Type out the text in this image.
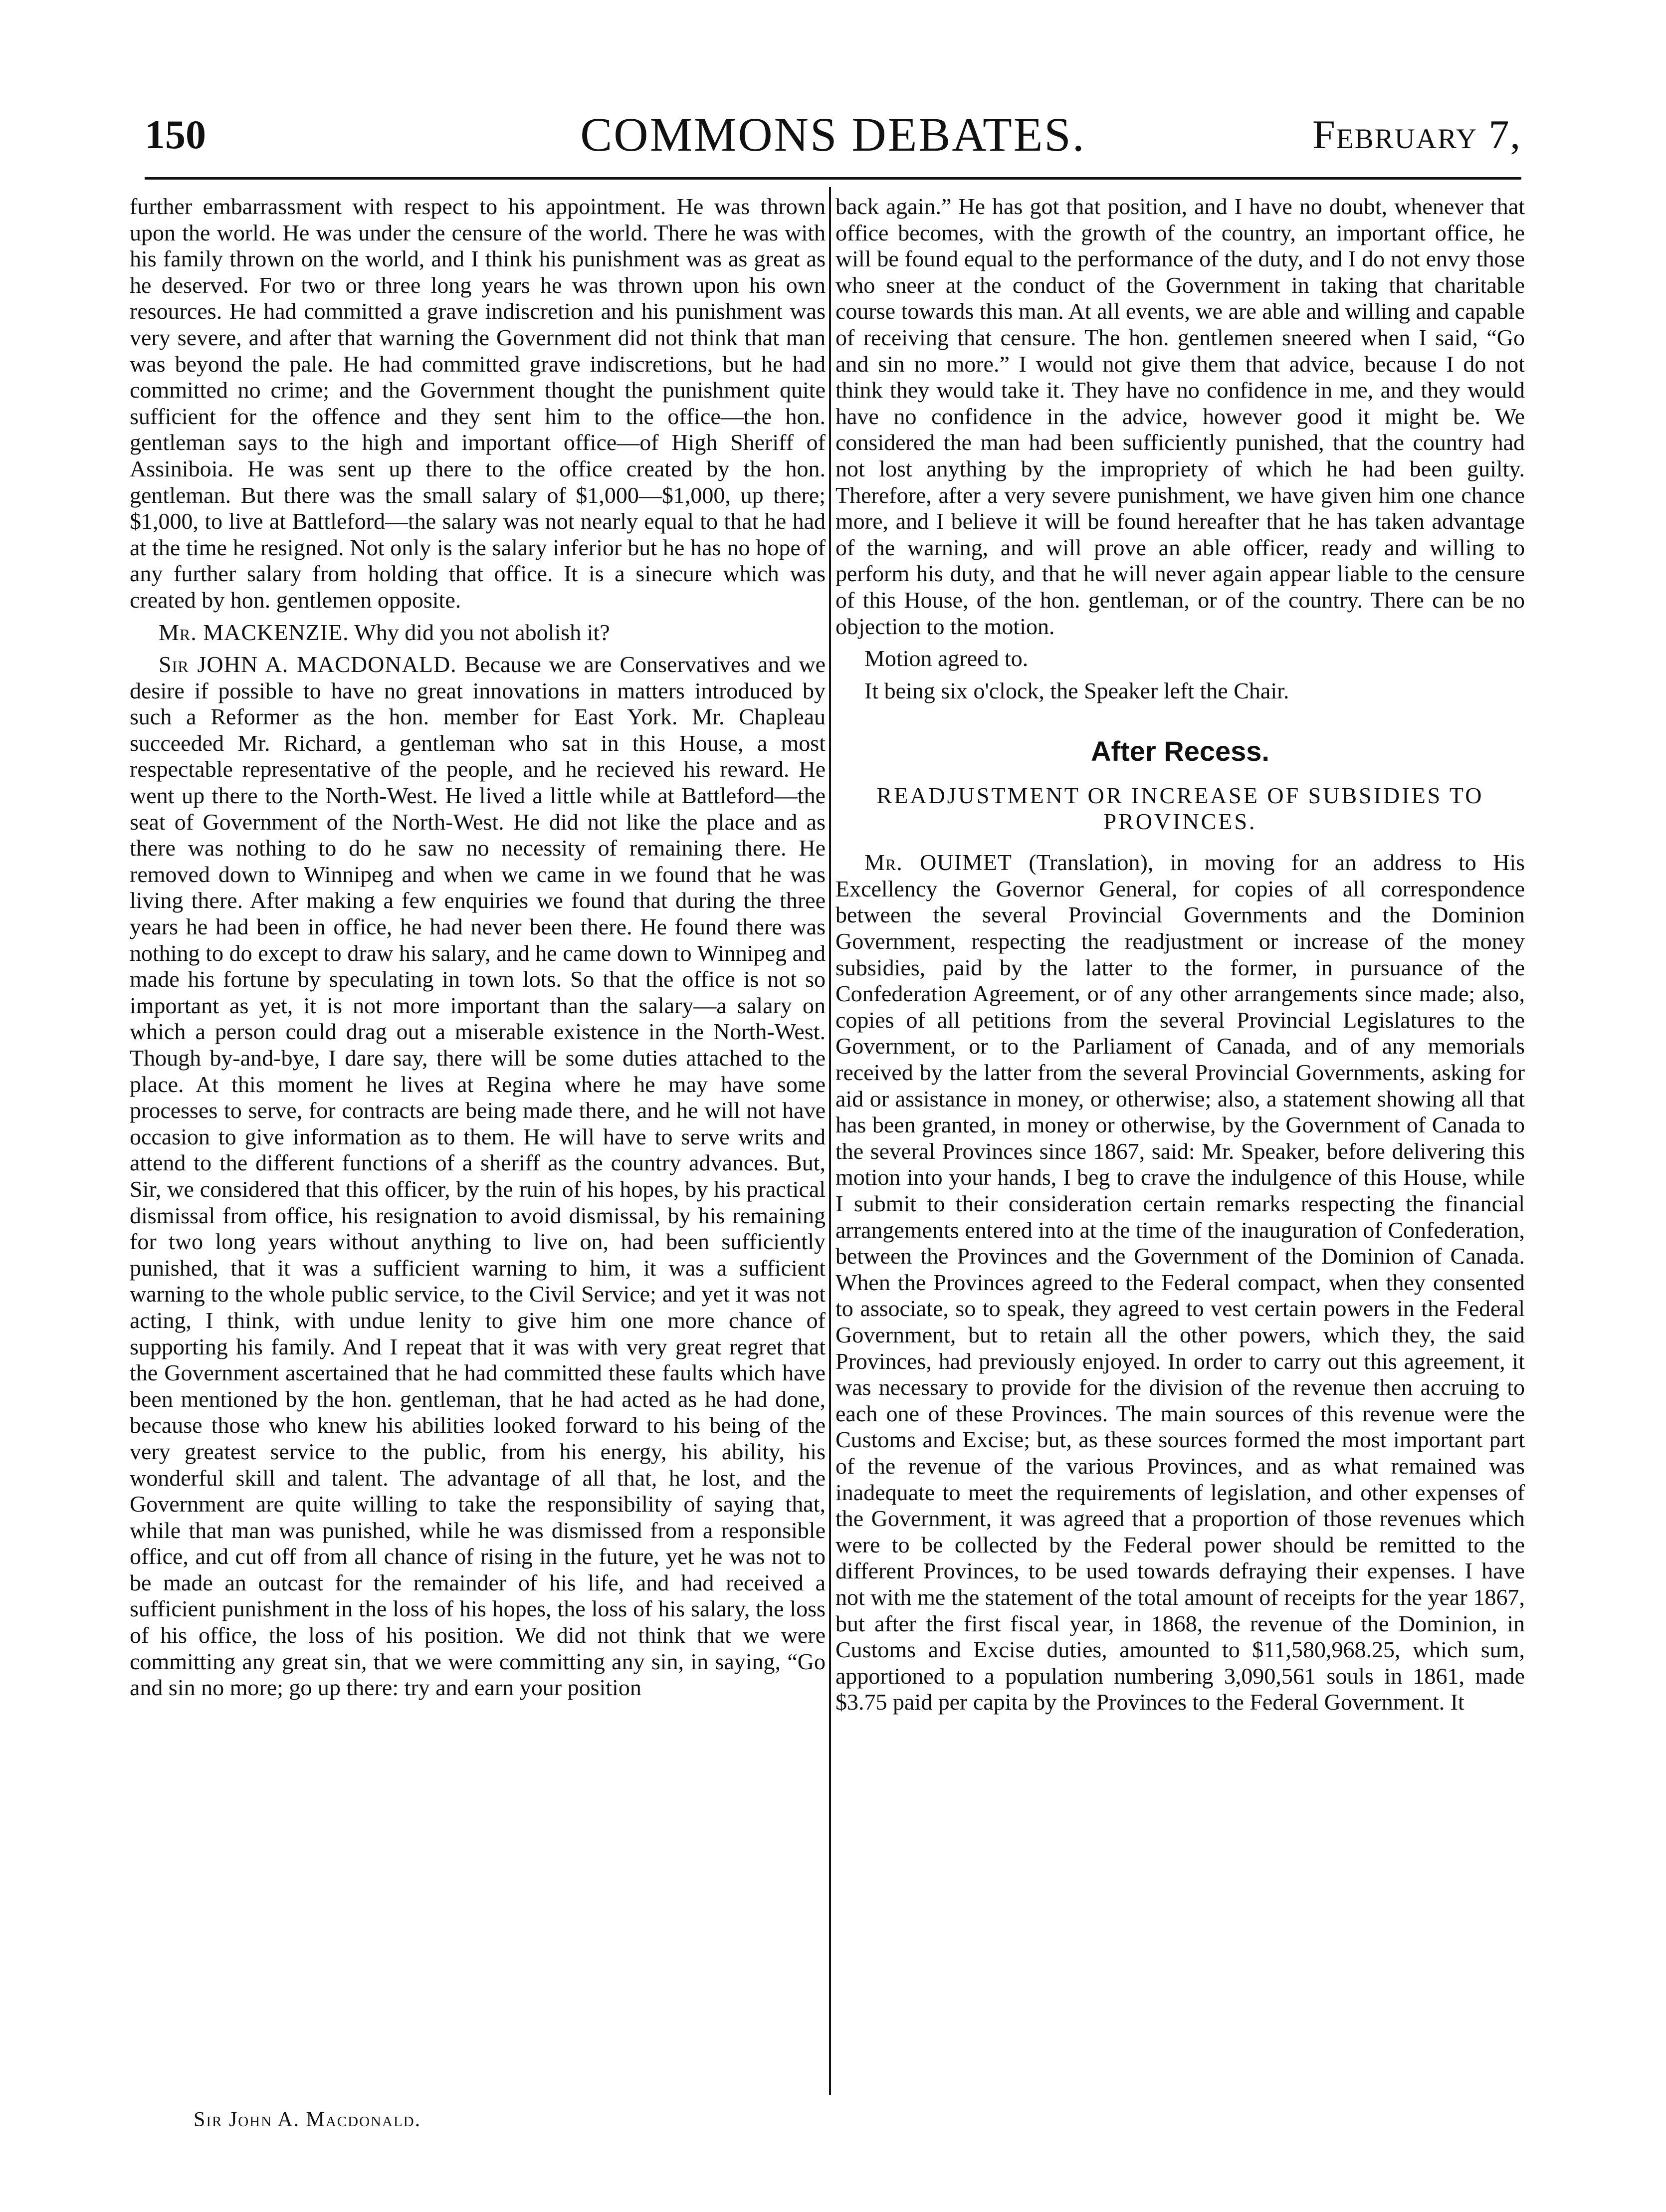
150	COMMONS DEBATES.	February 7,

further embarrassment with respect to his appointment. He was thrown upon the world. He was under the censure of the world. There he was with his family thrown on the world, and I think his punishment was as great as he deserved. For two or three long years he was thrown upon his own resources. He had committed a grave indiscretion and his punishment was very severe, and after that warning the Government did not think that man was beyond the pale. He had committed grave indiscretions, but he had committed no crime; and the Government thought the punishment quite sufficient for the offence and they sent him to the office—the hon. gentleman says to the high and important office—of High Sheriff of Assiniboia. He was sent up there to the office created by the hon. gentleman. But there was the small salary of $1,000—$1,000, up there; $1,000, to live at Battleford—the salary was not nearly equal to that he had at the time he resigned. Not only is the salary inferior but he has no hope of any further salary from holding that office. It is a sinecure which was created by hon. gentlemen opposite.

Mr. MACKENZIE. Why did you not abolish it?

Sir JOHN A. MACDONALD. Because we are Conservatives and we desire if possible to have no great innovations in matters introduced by such a Reformer as the hon. member for East York. Mr. Chapleau succeeded Mr. Richard, a gentleman who sat in this House, a most respectable representative of the people, and he recieved his reward. He went up there to the North-West. He lived a little while at Battleford—the seat of Government of the North-West. He did not like the place and as there was nothing to do he saw no necessity of remaining there. He removed down to Winnipeg and when we came in we found that he was living there. After making a few enquiries we found that during the three years he had been in office, he had never been there. He found there was nothing to do except to draw his salary, and he came down to Winnipeg and made his fortune by speculating in town lots. So that the office is not so important as yet, it is not more important than the salary—a salary on which a person could drag out a miserable existence in the North-West. Though by-and-bye, I dare say, there will be some duties attached to the place. At this moment he lives at Regina where he may have some processes to serve, for contracts are being made there, and he will not have occasion to give information as to them. He will have to serve writs and attend to the different functions of a sheriff as the country advances. But, Sir, we considered that this officer, by the ruin of his hopes, by his practical dismissal from office, his resignation to avoid dismissal, by his remaining for two long years without anything to live on, had been sufficiently punished, that it was a sufficient warning to him, it was a sufficient warning to the whole public service, to the Civil Service; and yet it was not acting, I think, with undue lenity to give him one more chance of supporting his family. And I repeat that it was with very great regret that the Government ascertained that he had committed these faults which have been mentioned by the hon. gentleman, that he had acted as he had done, because those who knew his abilities looked forward to his being of the very greatest service to the public, from his energy, his ability, his wonderful skill and talent. The advantage of all that, he lost, and the Government are quite willing to take the responsibility of saying that, while that man was punished, while he was dismissed from a responsible office, and cut off from all chance of rising in the future, yet he was not to be made an outcast for the remainder of his life, and had received a sufficient punishment in the loss of his hopes, the loss of his salary, the loss of his office, the loss of his position. We did not think that we were committing any great sin, that we were committing any sin, in saying, “Go and sin no more; go up there: try and earn your position

back again.” He has got that position, and I have no doubt, whenever that office becomes, with the growth of the country, an important office, he will be found equal to the performance of the duty, and I do not envy those who sneer at the conduct of the Government in taking that charitable course towards this man. At all events, we are able and willing and capable of receiving that censure. The hon. gentlemen sneered when I said, “Go and sin no more.” I would not give them that advice, because I do not think they would take it. They have no confidence in me, and they would have no confidence in the advice, however good it might be. We considered the man had been sufficiently punished, that the country had not lost anything by the impropriety of which he had been guilty. Therefore, after a very severe punishment, we have given him one chance more, and I believe it will be found hereafter that he has taken advantage of the warning, and will prove an able officer, ready and willing to perform his duty, and that he will never again appear liable to the censure of this House, of the hon. gentleman, or of the country. There can be no objection to the motion.

Motion agreed to.

It being six o'clock, the Speaker left the Chair.

After Recess.
READJUSTMENT OR INCREASE OF SUBSIDIES TO PROVINCES.

Mr. OUIMET (Translation), in moving for an address to His Excellency the Governor General, for copies of all correspondence between the several Provincial Governments and the Dominion Government, respecting the readjustment or increase of the money subsidies, paid by the latter to the former, in pursuance of the Confederation Agreement, or of any other arrangements since made; also, copies of all petitions from the several Provincial Legislatures to the Government, or to the Parliament of Canada, and of any memorials received by the latter from the several Provincial Governments, asking for aid or assistance in money, or otherwise; also, a statement showing all that has been granted, in money or otherwise, by the Government of Canada to the several Provinces since 1867, said: Mr. Speaker, before delivering this motion into your hands, I beg to crave the indulgence of this House, while I submit to their consideration certain remarks respecting the financial arrangements entered into at the time of the inauguration of Confederation, between the Provinces and the Government of the Dominion of Canada. When the Provinces agreed to the Federal compact, when they consented to associate, so to speak, they agreed to vest certain powers in the Federal Government, but to retain all the other powers, which they, the said Provinces, had previously enjoyed. In order to carry out this agreement, it was necessary to provide for the division of the revenue then accruing to each one of these Provinces. The main sources of this revenue were the Customs and Excise; but, as these sources formed the most important part of the revenue of the various Provinces, and as what remained was inadequate to meet the requirements of legislation, and other expenses of the Government, it was agreed that a proportion of those revenues which were to be collected by the Federal power should be remitted to the different Provinces, to be used towards defraying their expenses. I have not with me the statement of the total amount of receipts for the year 1867, but after the first fiscal year, in 1868, the revenue of the Dominion, in Customs and Excise duties, amounted to $11,580,968.25, which sum, apportioned to a population numbering 3,090,561 souls in 1861, made $3.75 paid per capita by the Provinces to the Federal Government. It

Sir John A. Macdonald.
